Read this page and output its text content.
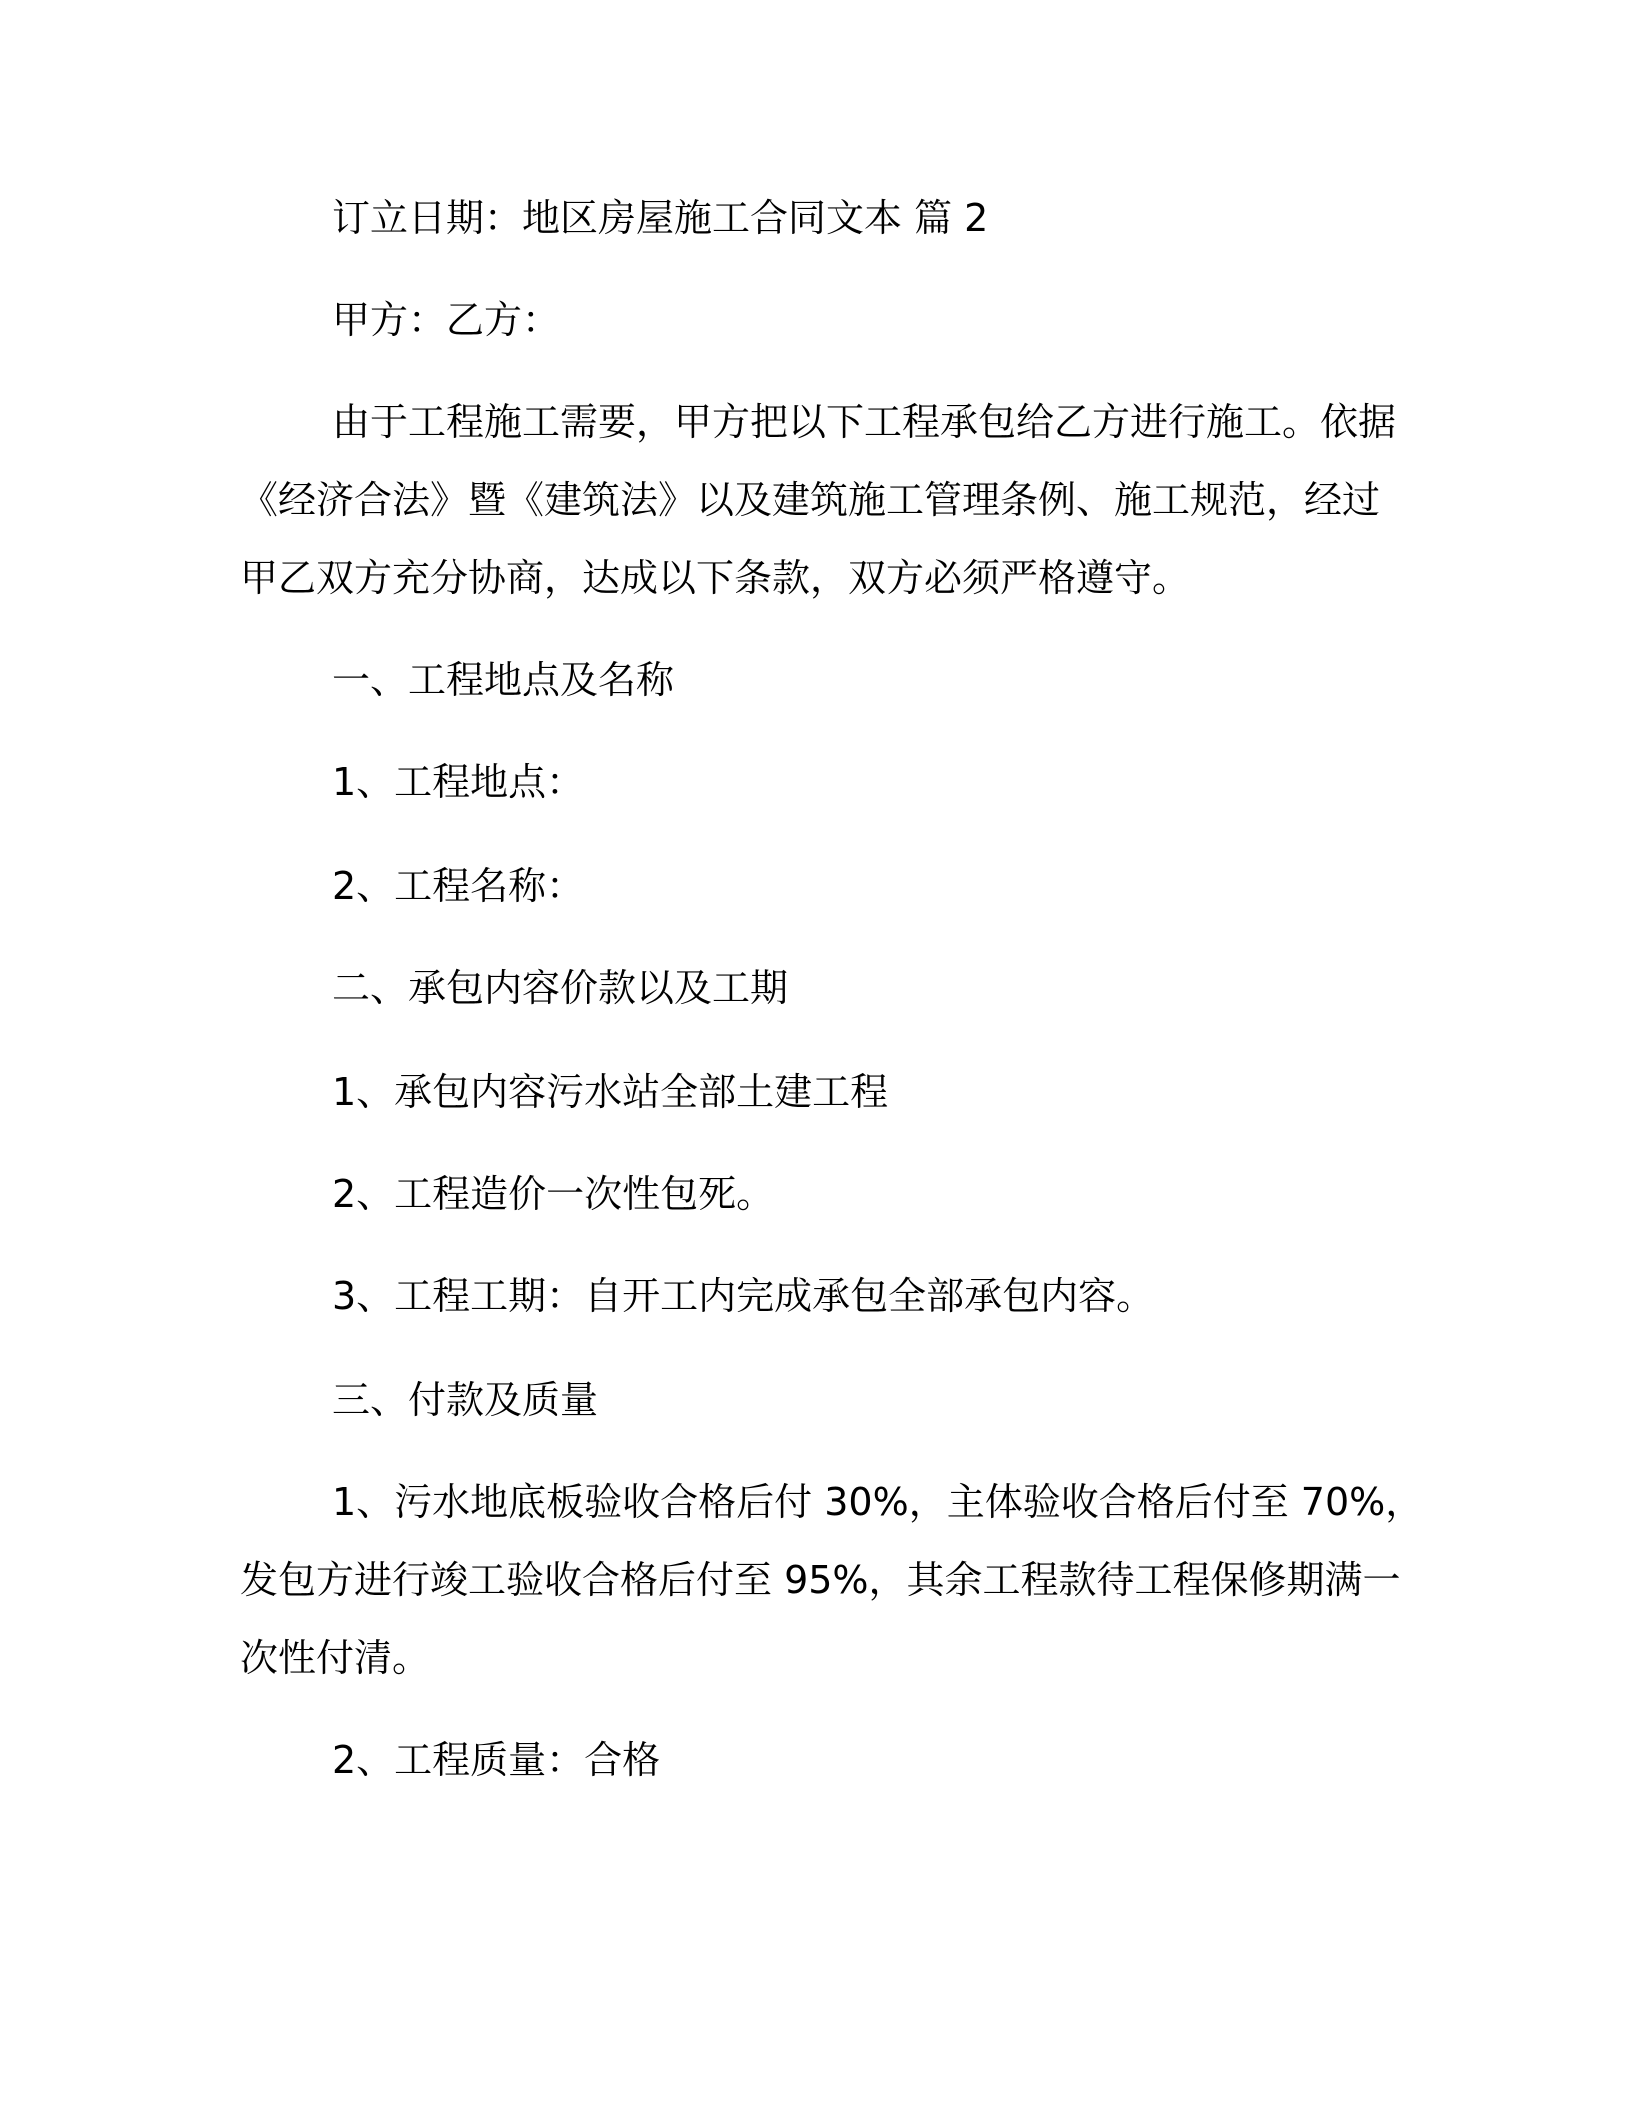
订立日期：地区房屋施工合同文本 篇 2
甲方：乙方：
由于工程施工需要，甲方把以下工程承包给乙方进行施工。依据
《经济合法》暨《建筑法》以及建筑施工管理条例、施工规范，经过
甲乙双方充分协商，达成以下条款，双方必须严格遵守。
一、工程地点及名称
1、工程地点：
2、工程名称：
二、承包内容价款以及工期
1、承包内容污水站全部土建工程
2、工程造价一次性包死。
3、工程工期：自开工内完成承包全部承包内容。
三、付款及质量
1、污水地底板验收合格后付 30%，主体验收合格后付至 70%，
发包方进行竣工验收合格后付至 95%，其余工程款待工程保修期满一
次性付清。
2、工程质量：合格
